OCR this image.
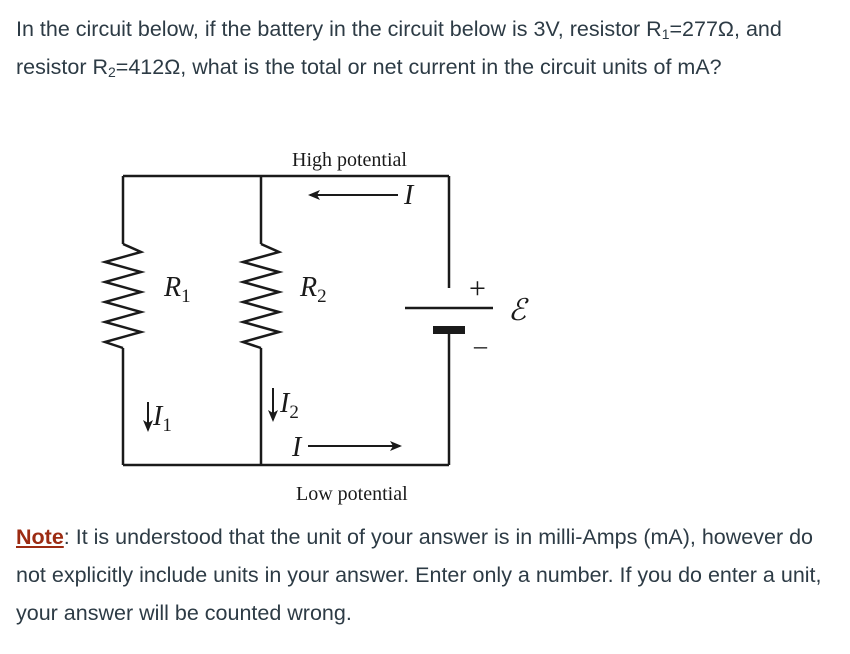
In the circuit below, if the battery in the circuit below is 3V, resistor $R_1=277\Omega$, and resistor $R_2=412\Omega$, what is the total or net current in the circuit units of mA?
+
–
ℰ
High potential
Low potential
I
I
$I_1$
$I_2$
$R_1$	$R_2$
Note: It is understood that the unit of your answer is in milli-Amps (mA), however do not explicitly include units in your answer. Enter only a number. If you do enter a unit, your answer will be counted wrong.
